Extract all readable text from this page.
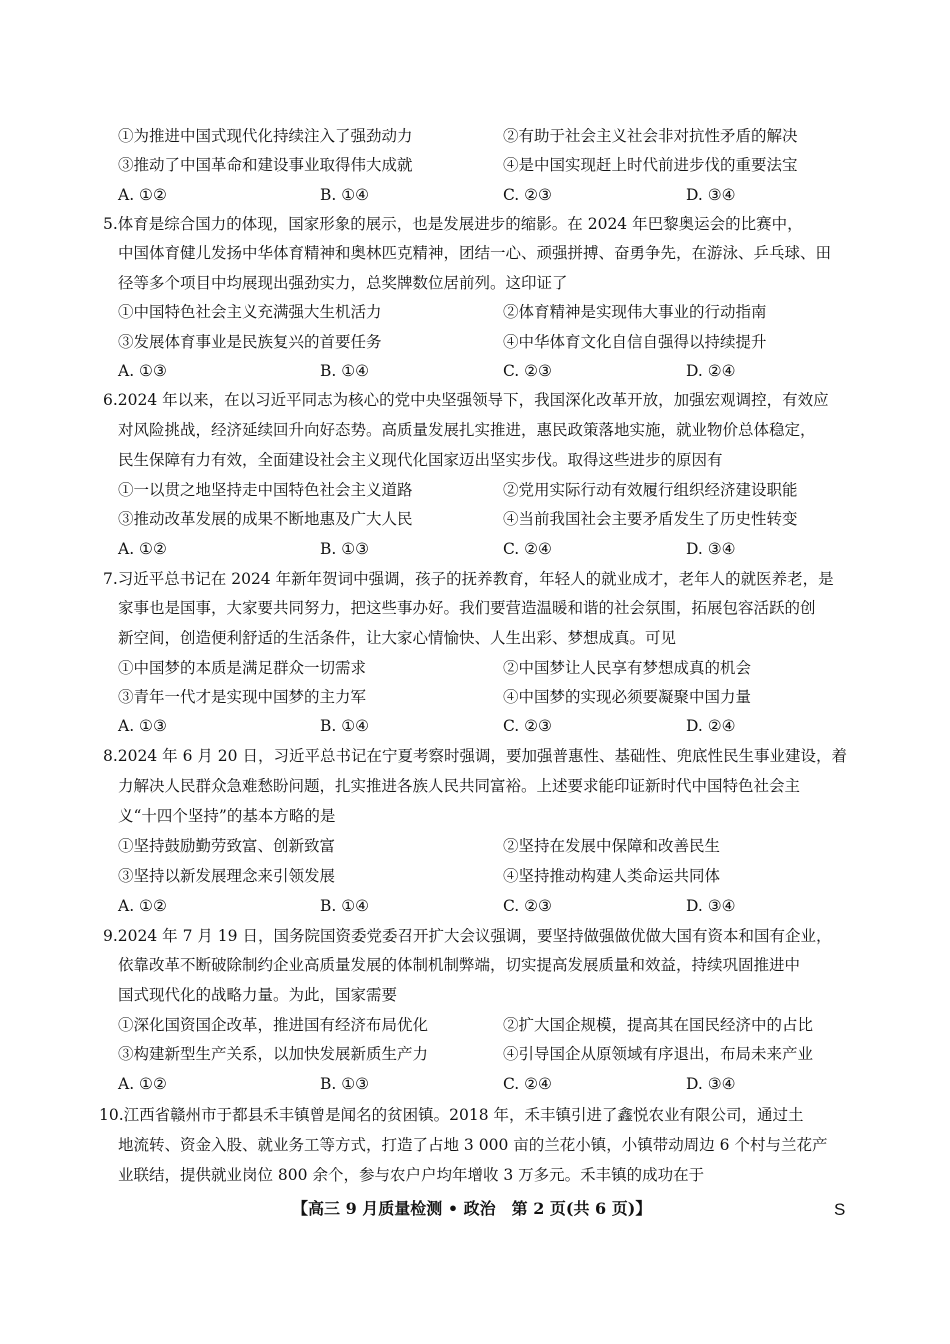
①为推进中国式现代化持续注入了强劲动力	②有助于社会主义社会非对抗性矛盾的解决
③推动了中国革命和建设事业取得伟大成就	④是中国实现赶上时代前进步伐的重要法宝
A. ①②	B. ①④	C. ②③	D. ③④
5.体育是综合国力的体现，国家形象的展示，也是发展进步的缩影。在 2024 年巴黎奥运会的比赛中，
中国体育健儿发扬中华体育精神和奥林匹克精神，团结一心、顽强拼搏、奋勇争先，在游泳、乒乓球、田
径等多个项目中均展现出强劲实力，总奖牌数位居前列。这印证了
①中国特色社会主义充满强大生机活力	②体育精神是实现伟大事业的行动指南
③发展体育事业是民族复兴的首要任务	④中华体育文化自信自强得以持续提升
A. ①③	B. ①④	C. ②③	D. ②④
6.2024 年以来，在以习近平同志为核心的党中央坚强领导下，我国深化改革开放，加强宏观调控，有效应
对风险挑战，经济延续回升向好态势。高质量发展扎实推进，惠民政策落地实施，就业物价总体稳定，
民生保障有力有效，全面建设社会主义现代化国家迈出坚实步伐。取得这些进步的原因有
①一以贯之地坚持走中国特色社会主义道路	②党用实际行动有效履行组织经济建设职能
③推动改革发展的成果不断地惠及广大人民	④当前我国社会主要矛盾发生了历史性转变
A. ①②	B. ①③	C. ②④	D. ③④
7.习近平总书记在 2024 年新年贺词中强调，孩子的抚养教育，年轻人的就业成才，老年人的就医养老，是
家事也是国事，大家要共同努力，把这些事办好。我们要营造温暖和谐的社会氛围，拓展包容活跃的创
新空间，创造便利舒适的生活条件，让大家心情愉快、人生出彩、梦想成真。可见
①中国梦的本质是满足群众一切需求	②中国梦让人民享有梦想成真的机会
③青年一代才是实现中国梦的主力军	④中国梦的实现必须要凝聚中国力量
A. ①③	B. ①④	C. ②③	D. ②④
8.2024 年 6 月 20 日，习近平总书记在宁夏考察时强调，要加强普惠性、基础性、兜底性民生事业建设，着
力解决人民群众急难愁盼问题，扎实推进各族人民共同富裕。上述要求能印证新时代中国特色社会主
义“十四个坚持”的基本方略的是
①坚持鼓励勤劳致富、创新致富	②坚持在发展中保障和改善民生
③坚持以新发展理念来引领发展	④坚持推动构建人类命运共同体
A. ①②	B. ①④	C. ②③	D. ③④
9.2024 年 7 月 19 日，国务院国资委党委召开扩大会议强调，要坚持做强做优做大国有资本和国有企业，
依靠改革不断破除制约企业高质量发展的体制机制弊端，切实提高发展质量和效益，持续巩固推进中
国式现代化的战略力量。为此，国家需要
①深化国资国企改革，推进国有经济布局优化	②扩大国企规模，提高其在国民经济中的占比
③构建新型生产关系，以加快发展新质生产力	④引导国企从原领域有序退出，布局未来产业
A. ①②	B. ①③	C. ②④	D. ③④
10.江西省赣州市于都县禾丰镇曾是闻名的贫困镇。2018 年，禾丰镇引进了鑫悦农业有限公司，通过土
地流转、资金入股、就业务工等方式，打造了占地 3 000 亩的兰花小镇，小镇带动周边 6 个村与兰花产
业联结，提供就业岗位 800 余个，参与农户户均年增收 3 万多元。禾丰镇的成功在于
【高三 9 月质量检测 • 政治　第 2 页(共 6 页)】	S
